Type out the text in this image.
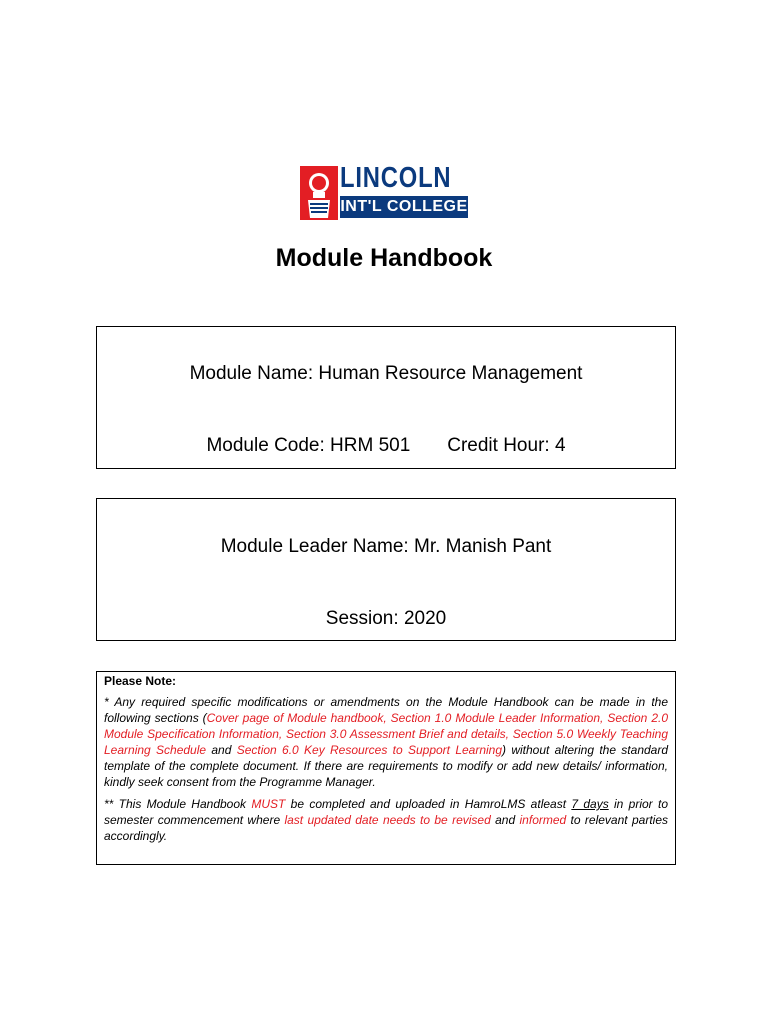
LINCOLN
INT'L COLLEGE
Module Handbook
Module Name: Human Resource Management
Module Code: HRM 501 Credit Hour: 4
Module Leader Name: Mr. Manish Pant
Session: 2020
Please Note:

* Any required specific modifications or amendments on the Module Handbook can be made in the following sections (Cover page of Module handbook, Section 1.0 Module Leader Information, Section 2.0 Module Specification Information, Section 3.0 Assessment Brief and details, Section 5.0 Weekly Teaching Learning Schedule and Section 6.0 Key Resources to Support Learning) without altering the standard template of the complete document. If there are requirements to modify or add new details/ information, kindly seek consent from the Programme Manager.

** This Module Handbook MUST be completed and uploaded in HamroLMS atleast 7 days in prior to semester commencement where last updated date needs to be revised and informed to relevant parties accordingly.
